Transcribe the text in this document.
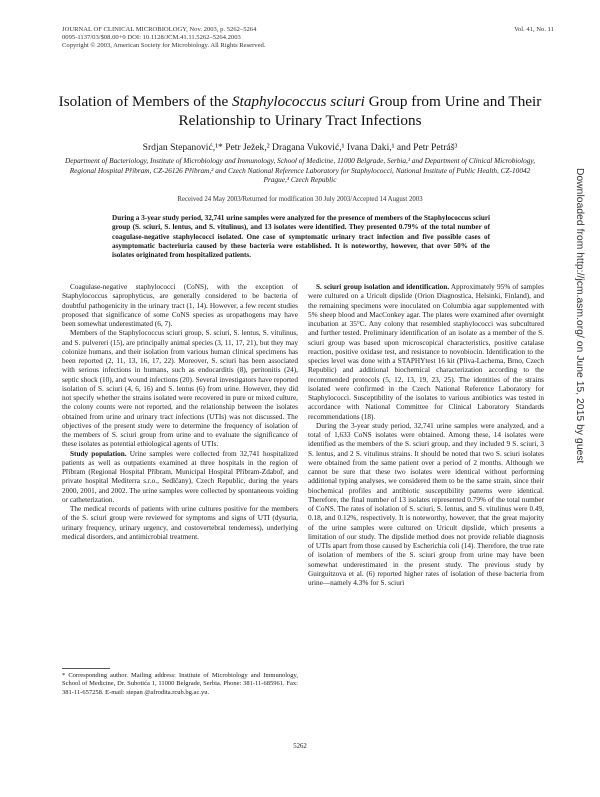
JOURNAL OF CLINICAL MICROBIOLOGY, Nov. 2003, p. 5262–5264
0095-1137/03/$08.00+0 DOI: 10.1128/JCM.41.11.5262–5264.2003
Copyright © 2003, American Society for Microbiology. All Rights Reserved.
Vol. 41, No. 11
Isolation of Members of the Staphylococcus sciuri Group from Urine and Their Relationship to Urinary Tract Infections
Srdjan Stepanović,¹* Petr Ježek,² Dragana Vuković,¹ Ivana Daki,¹ and Petr Petráš³
Department of Bacteriology, Institute of Microbiology and Immunology, School of Medicine, 11000 Belgrade, Serbia,¹ and Department of Clinical Microbiology, Regional Hospital Příbram, CZ-26126 Příbram,² and Czech National Reference Laboratory for Staphylococci, National Institute of Public Health, CZ-10042 Prague,³ Czech Republic
Received 24 May 2003/Returned for modification 30 July 2003/Accepted 14 August 2003
During a 3-year study period, 32,741 urine samples were analyzed for the presence of members of the Staphylococcus sciuri group (S. sciuri, S. lentus, and S. vitulinus), and 13 isolates were identified. They presented 0.79% of the total number of coagulase-negative staphylococci isolated. One case of symptomatic urinary tract infection and five possible cases of asymptomatic bacteriuria caused by these bacteria were established. It is noteworthy, however, that over 50% of the isolates originated from hospitalized patients.

Coagulase-negative staphylococci (CoNS), with the exception of Staphylococcus saprophyticus, are generally considered to be bacteria of doubtful pathogenicity in the urinary tract (1, 14). However, a few recent studies proposed that significance of some CoNS species as uropathogens may have been somewhat underestimated (6, 7).

Members of the Staphylococcus sciuri group, S. sciuri, S. lentus, S. vitulinus, and S. pulvereri (15), are principally animal species (3, 11, 17, 21), but they may colonize humans, and their isolation from various human clinical specimens has been reported (2, 11, 13, 16, 17, 22). Moreover, S. sciuri has been associated with serious infections in humans, such as endocarditis (8), peritonitis (24), septic shock (10), and wound infections (20). Several investigators have reported isolation of S. sciuri (4, 6, 16) and S. lentus (6) from urine. However, they did not specify whether the strains isolated were recovered in pure or mixed culture, the colony counts were not reported, and the relationship between the isolates obtained from urine and urinary tract infections (UTIs) was not discussed. The objectives of the present study were to determine the frequency of isolation of the members of S. sciuri group from urine and to evaluate the significance of these isolates as potential ethiological agents of UTIs.

Study population. Urine samples were collected from 32,741 hospitalized patients as well as outpatients examined at three hospitals in the region of Příbram (Regional Hospital Příbram, Municipal Hospital Příbram-Zdaboř, and private hospital Mediterra s.r.o., Sedlčany), Czech Republic, during the years 2000, 2001, and 2002. The urine samples were collected by spontaneous voiding or catheterization.

The medical records of patients with urine cultures positive for the members of the S. sciuri group were reviewed for symptoms and signs of UTI (dysuria, urinary frequency, urinary urgency, and costovertebral tenderness), underlying medical disorders, and antimicrobial treatment.

S. sciuri group isolation and identification. Approximately 95% of samples were cultured on a Uricult dipslide (Orion Diagnostica, Helsinki, Finland), and the remaining specimens were inoculated on Columbia agar supplemented with 5% sheep blood and MacConkey agar. The plates were examined after overnight incubation at 35°C. Any colony that resembled staphylococci was subcultured and further tested. Preliminary identification of an isolate as a member of the S. sciuri group was based upon microscopical characteristics, positive catalase reaction, positive oxidase test, and resistance to novobiocin. Identification to the species level was done with a STAPHYtest 16 kit (Pliva-Lachema, Brno, Czech Republic) and additional biochemical characterization according to the recommended protocols (5, 12, 13, 19, 23, 25). The identities of the strains isolated were confirmed in the Czech National Reference Laboratory for Staphylococci. Susceptibility of the isolates to various antibiotics was tested in accordance with National Committee for Clinical Laboratory Standards recommendations (18).

During the 3-year study period, 32,741 urine samples were analyzed, and a total of 1,633 CoNS isolates were obtained. Among these, 14 isolates were identified as the members of the S. sciuri group, and they included 9 S. sciuri, 3 S. lentus, and 2 S. vitulinus strains. It should be noted that two S. sciuri isolates were obtained from the same patient over a period of 2 months. Although we cannot be sure that these two isolates were identical without performing additional typing analyses, we considered them to be the same strain, since their biochemical profiles and antibiotic susceptibility patterns were identical. Therefore, the final number of 13 isolates represented 0.79% of the total number of CoNS. The rates of isolation of S. sciuri, S. lentus, and S. vitulinus were 0.49, 0.18, and 0.12%, respectively. It is noteworthy, however, that the great majority of the urine samples were cultured on Uricult dipslide, which presents a limitation of our study. The dipslide method does not provide reliable diagnosis of UTIs apart from those caused by Escherichia coli (14). Therefore, the true rate of isolation of members of the S. sciuri group from urine may have been somewhat underestimated in the present study. The previous study by Guirguitzova et al. (6) reported higher rates of isolation of these bacteria from urine—namely 4.3% for S. sciuri

* Corresponding author. Mailing address: Institute of Microbiology and Immunology, School of Medicine, Dr. Subotića 1, 11000 Belgrade, Serbia. Phone: 381-11-685961. Fax: 381-11-657258. E-mail: stepan @afrodita.rcub.bg.ac.yu.
5262
Downloaded from http://jcm.asm.org/ on June 15, 2015 by guest
